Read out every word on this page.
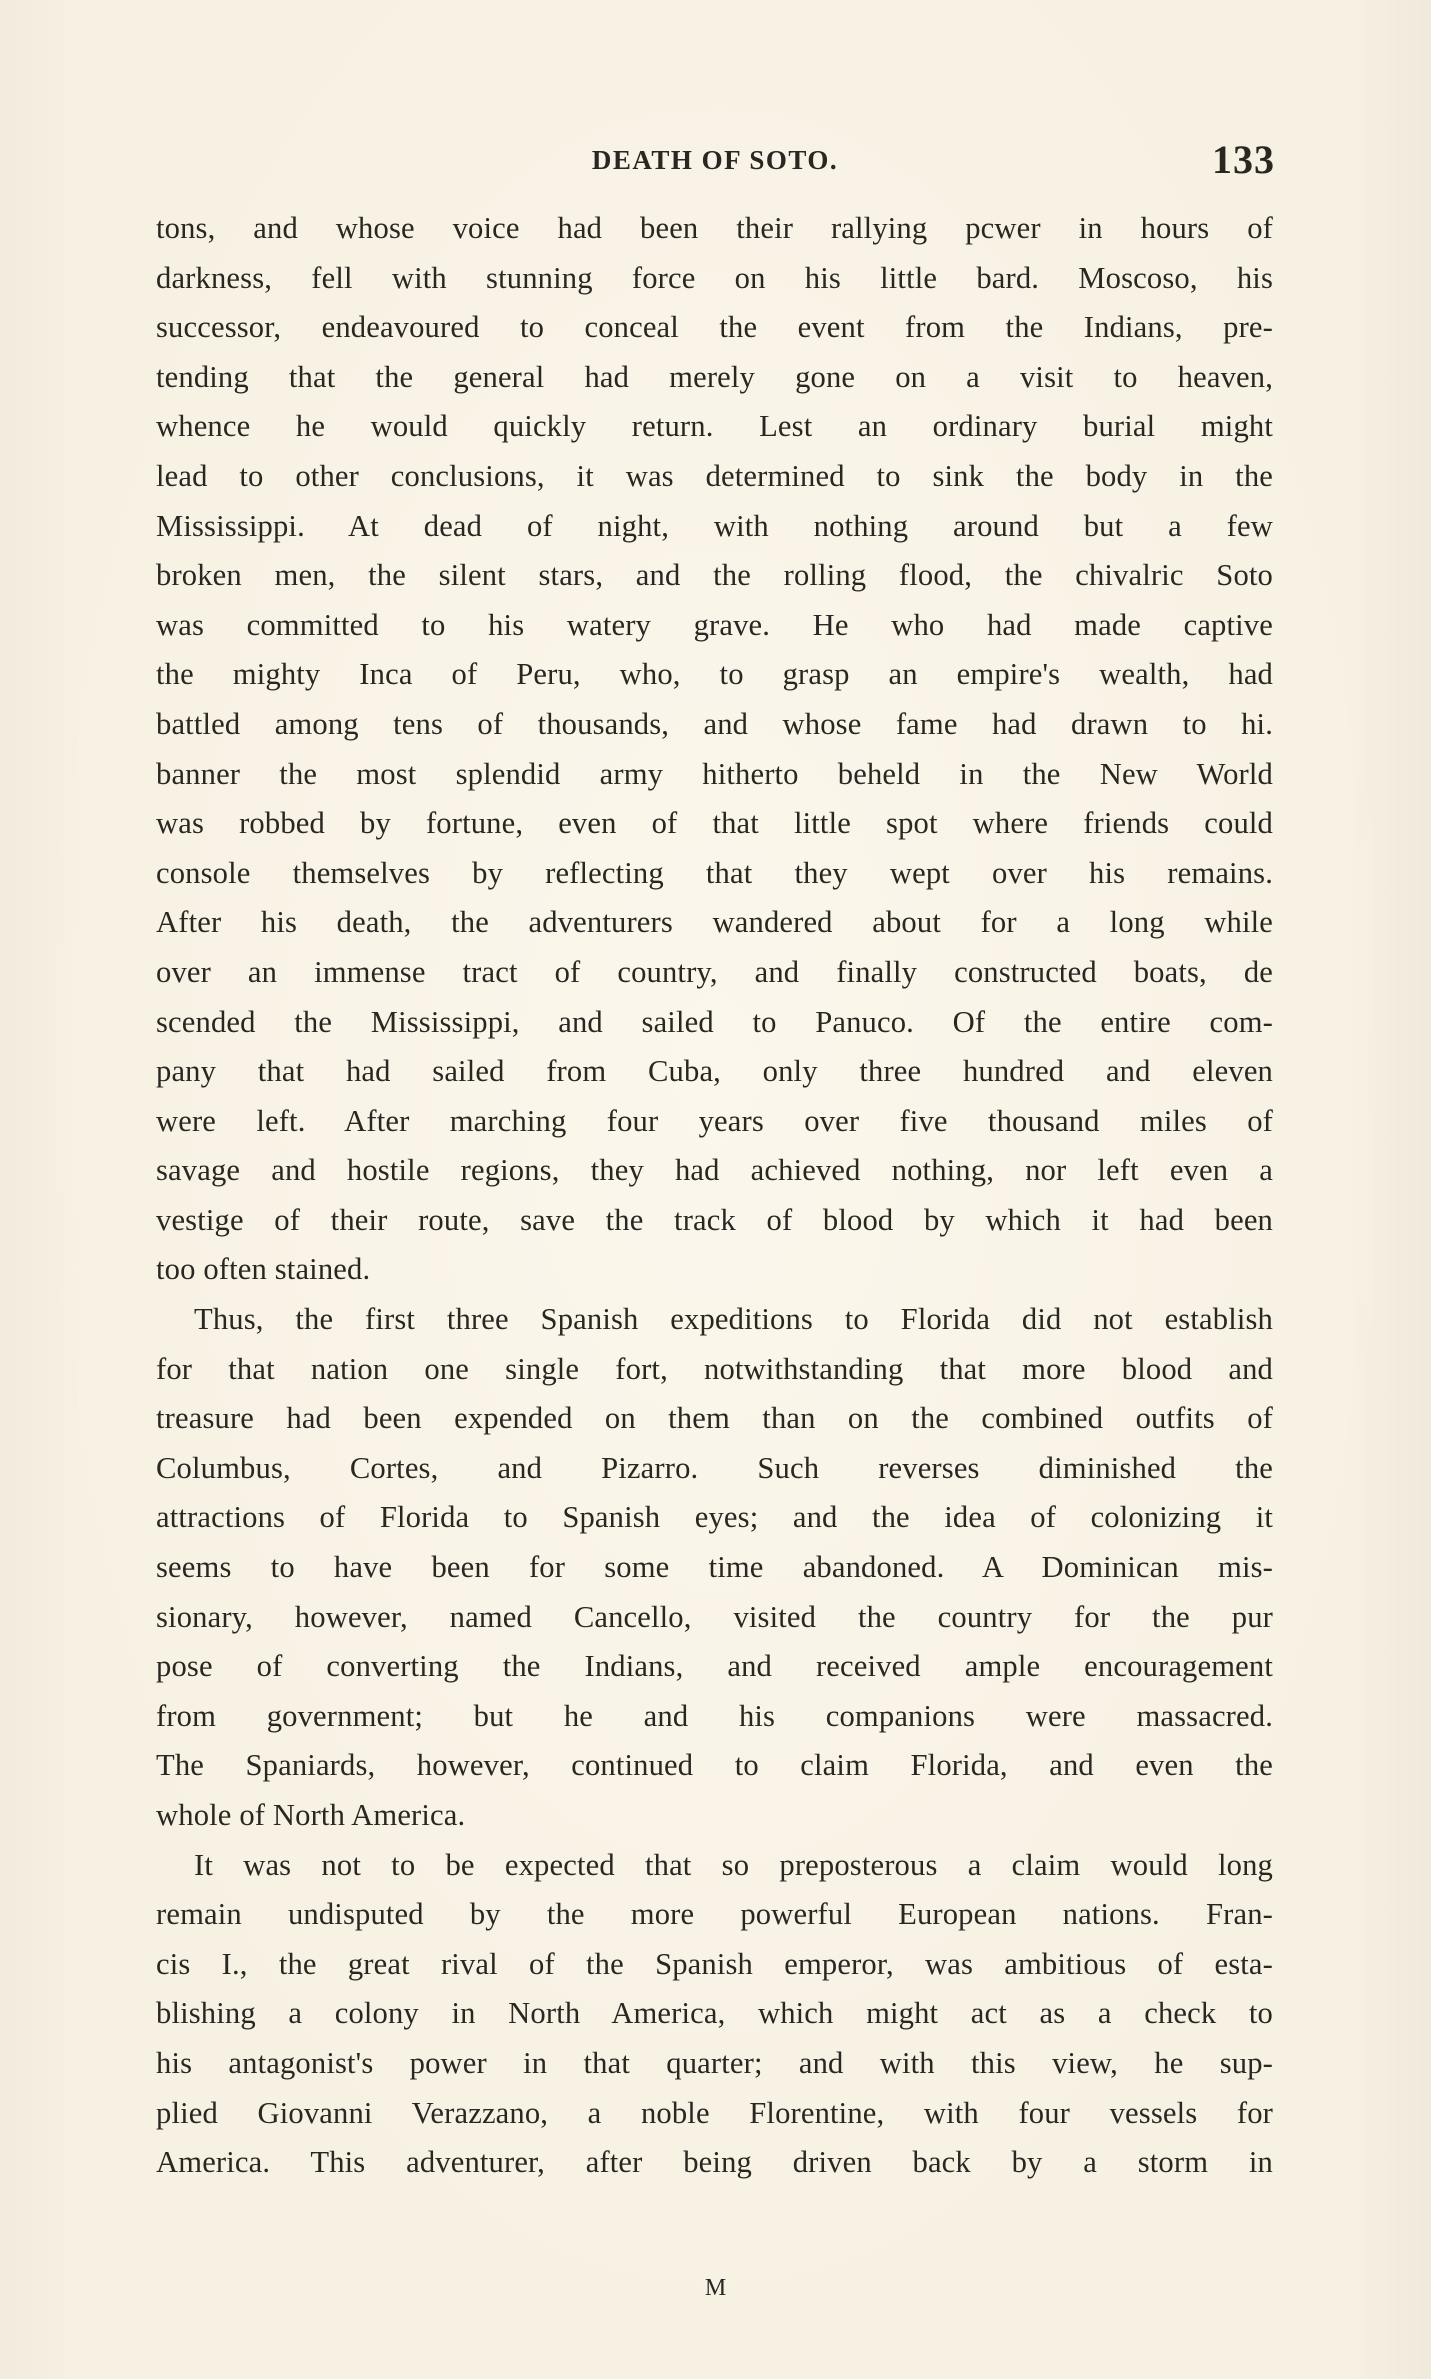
DEATH OF SOTO.	133
tons, and whose voice had been their rallying pcwer in hours of
darkness, fell with stunning force on his little bard. Moscoso, his
successor, endeavoured to conceal the event from the Indians, pre-
tending that the general had merely gone on a visit to heaven,
whence he would quickly return. Lest an ordinary burial might
lead to other conclusions, it was determined to sink the body in the
Mississippi. At dead of night, with nothing around but a few
broken men, the silent stars, and the rolling flood, the chivalric Soto
was committed to his watery grave. He who had made captive
the mighty Inca of Peru, who, to grasp an empire's wealth, had
battled among tens of thousands, and whose fame had drawn to hi.
banner the most splendid army hitherto beheld in the New World
was robbed by fortune, even of that little spot where friends could
console themselves by reflecting that they wept over his remains.
After his death, the adventurers wandered about for a long while
over an immense tract of country, and finally constructed boats, de
scended the Mississippi, and sailed to Panuco. Of the entire com-
pany that had sailed from Cuba, only three hundred and eleven
were left. After marching four years over five thousand miles of
savage and hostile regions, they had achieved nothing, nor left even a
vestige of their route, save the track of blood by which it had been
too often stained.
Thus, the first three Spanish expeditions to Florida did not establish
for that nation one single fort, notwithstanding that more blood and
treasure had been expended on them than on the combined outfits of
Columbus, Cortes, and Pizarro. Such reverses diminished the
attractions of Florida to Spanish eyes; and the idea of colonizing it
seems to have been for some time abandoned. A Dominican mis-
sionary, however, named Cancello, visited the country for the pur
pose of converting the Indians, and received ample encouragement
from government; but he and his companions were massacred.
The Spaniards, however, continued to claim Florida, and even the
whole of North America.
It was not to be expected that so preposterous a claim would long
remain undisputed by the more powerful European nations. Fran-
cis I., the great rival of the Spanish emperor, was ambitious of esta-
blishing a colony in North America, which might act as a check to
his antagonist's power in that quarter; and with this view, he sup-
plied Giovanni Verazzano, a noble Florentine, with four vessels for
America. This adventurer, after being driven back by a storm in
M
